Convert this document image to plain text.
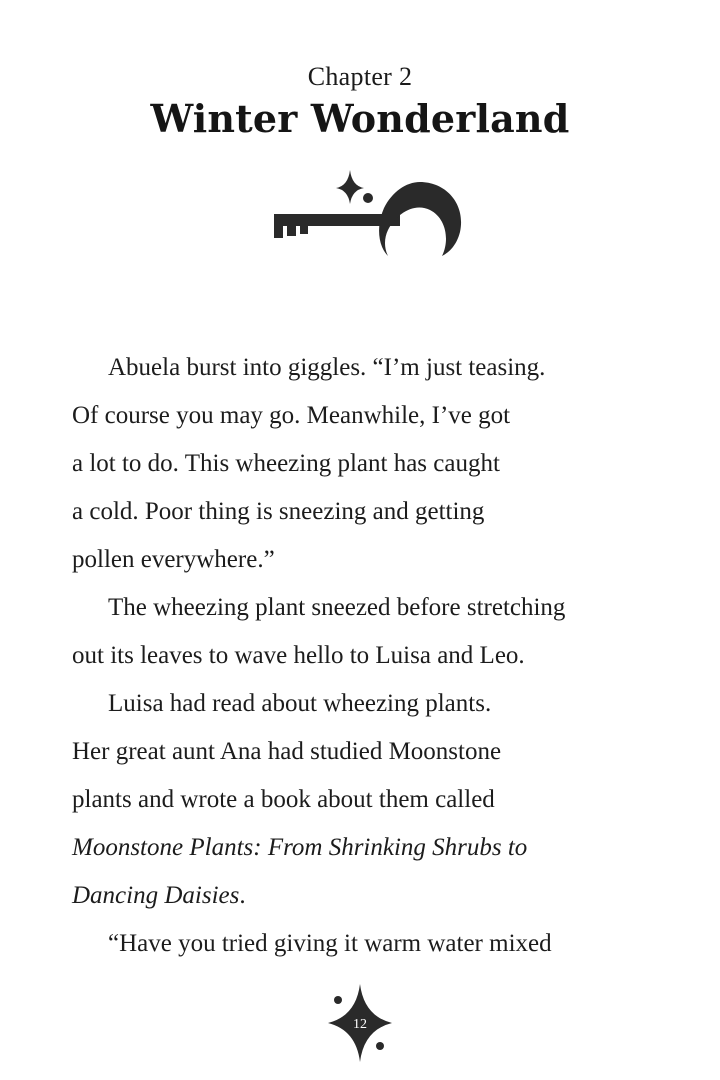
Chapter 2
Winter Wonderland
Abuela burst into giggles. “I’m just teasing.
Of course you may go. Meanwhile, I’ve got
a lot to do. This wheezing plant has caught
a cold. Poor thing is sneezing and getting
pollen everywhere.”
The wheezing plant sneezed before stretching
out its leaves to wave hello to Luisa and Leo.
Luisa had read about wheezing plants.
Her great aunt Ana had studied Moonstone
plants and wrote a book about them called
Moonstone Plants: From Shrinking Shrubs to
Dancing Daisies.
“Have you tried giving it warm water mixed
12
